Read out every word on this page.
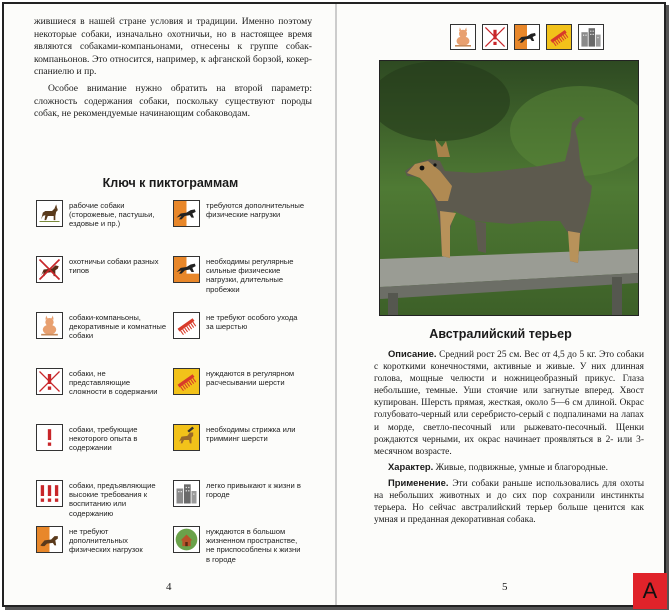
жившиеся в нашей стране условия и традиции. Именно поэтому некоторые собаки, изначально охотничьи, но в настоящее время являются собаками-компаньонами, отнесены к группе собак-компаньонов. Это относится, например, к афганской борзой, кокер-спаниелю и пр.

Особое внимание нужно обратить на второй параметр: сложность содержания собаки, поскольку существуют породы собак, не рекомендуемые начинающим собаководам.

Ключ к пиктограммам
рабочие собаки (сторожевые, пастушьи, ездовые и пр.)
требуются дополнительные физические нагрузки
охотничьи собаки разных типов
необходимы регулярные сильные физические нагрузки, длительные пробежки
собаки-компаньоны, декоративные и комнатные собаки
не требуют особого ухода за шерстью
собаки, не представляющие сложности в содержании
нуждаются в регулярном расчесывании шерсти
собаки, требующие некоторого опыта в содержании
необходимы стрижка или тримминг шерсти
собаки, предъявляющие высокие требования к воспитанию или содержанию
легко привыкают к жизни в городе
не требуют дополнительных физических нагрузок
нуждаются в большом жизненном пространстве, не приспособлены к жизни в городе
4
Австралийский терьер

Описание. Средний рост 25 см. Вес от 4,5 до 5 кг. Это собаки с короткими конечностями, активные и живые. У них длинная голова, мощные челюсти и ножницеобразный прикус. Глаза небольшие, темные. Уши стоячие или загнутые вперед. Хвост купирован. Шерсть прямая, жесткая, около 5—6 см длиной. Окрас голубовато-черный или серебристо-серый с подпалинами на лапах и морде, светло-песочный или рыжевато-песочный. Щенки рождаются черными, их окрас начинает проявляться в 2- или 3-месячном возрасте.

Характер. Живые, подвижные, умные и благородные.

Применение. Эти собаки раньше использовались для охоты на небольших животных и до сих пор сохранили инстинкты терьера. Но сейчас австралийский терьер больше ценится как умная и преданная декоративная собака.

5	A
